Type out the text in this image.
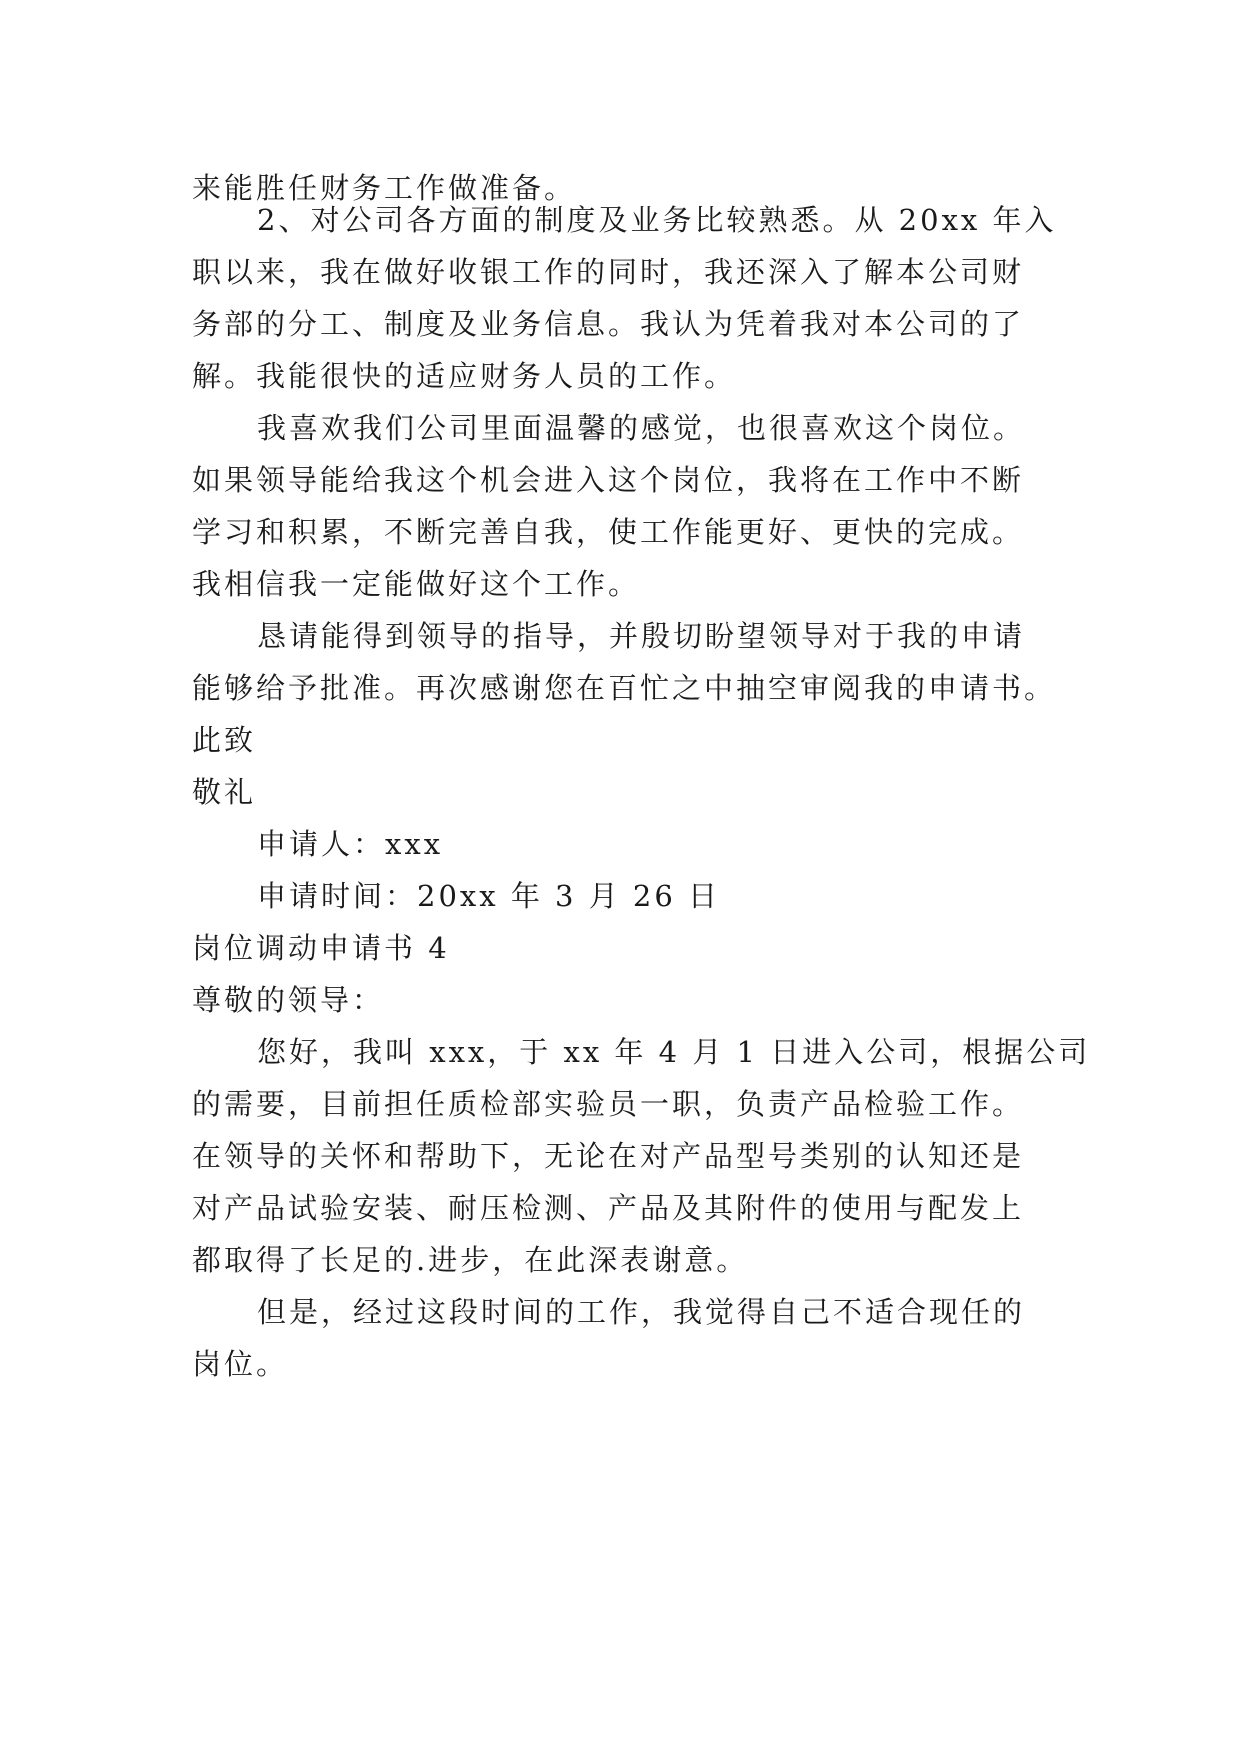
来能胜任财务工作做准备。
2、对公司各方面的制度及业务比较熟悉。从 20xx 年入
职以来，我在做好收银工作的同时，我还深入了解本公司财
务部的分工、制度及业务信息。我认为凭着我对本公司的了
解。我能很快的适应财务人员的工作。
我喜欢我们公司里面温馨的感觉，也很喜欢这个岗位。
如果领导能给我这个机会进入这个岗位，我将在工作中不断
学习和积累，不断完善自我，使工作能更好、更快的完成。
我相信我一定能做好这个工作。
恳请能得到领导的指导，并殷切盼望领导对于我的申请
能够给予批准。再次感谢您在百忙之中抽空审阅我的申请书。
此致
敬礼
申请人：xxx
申请时间：20xx 年 3 月 26 日
岗位调动申请书 4
尊敬的领导：
您好，我叫 xxx，于 xx 年 4 月 1 日进入公司，根据公司
的需要，目前担任质检部实验员一职，负责产品检验工作。
在领导的关怀和帮助下，无论在对产品型号类别的认知还是
对产品试验安装、耐压检测、产品及其附件的使用与配发上
都取得了长足的.进步，在此深表谢意。
但是，经过这段时间的工作，我觉得自己不适合现任的
岗位。
